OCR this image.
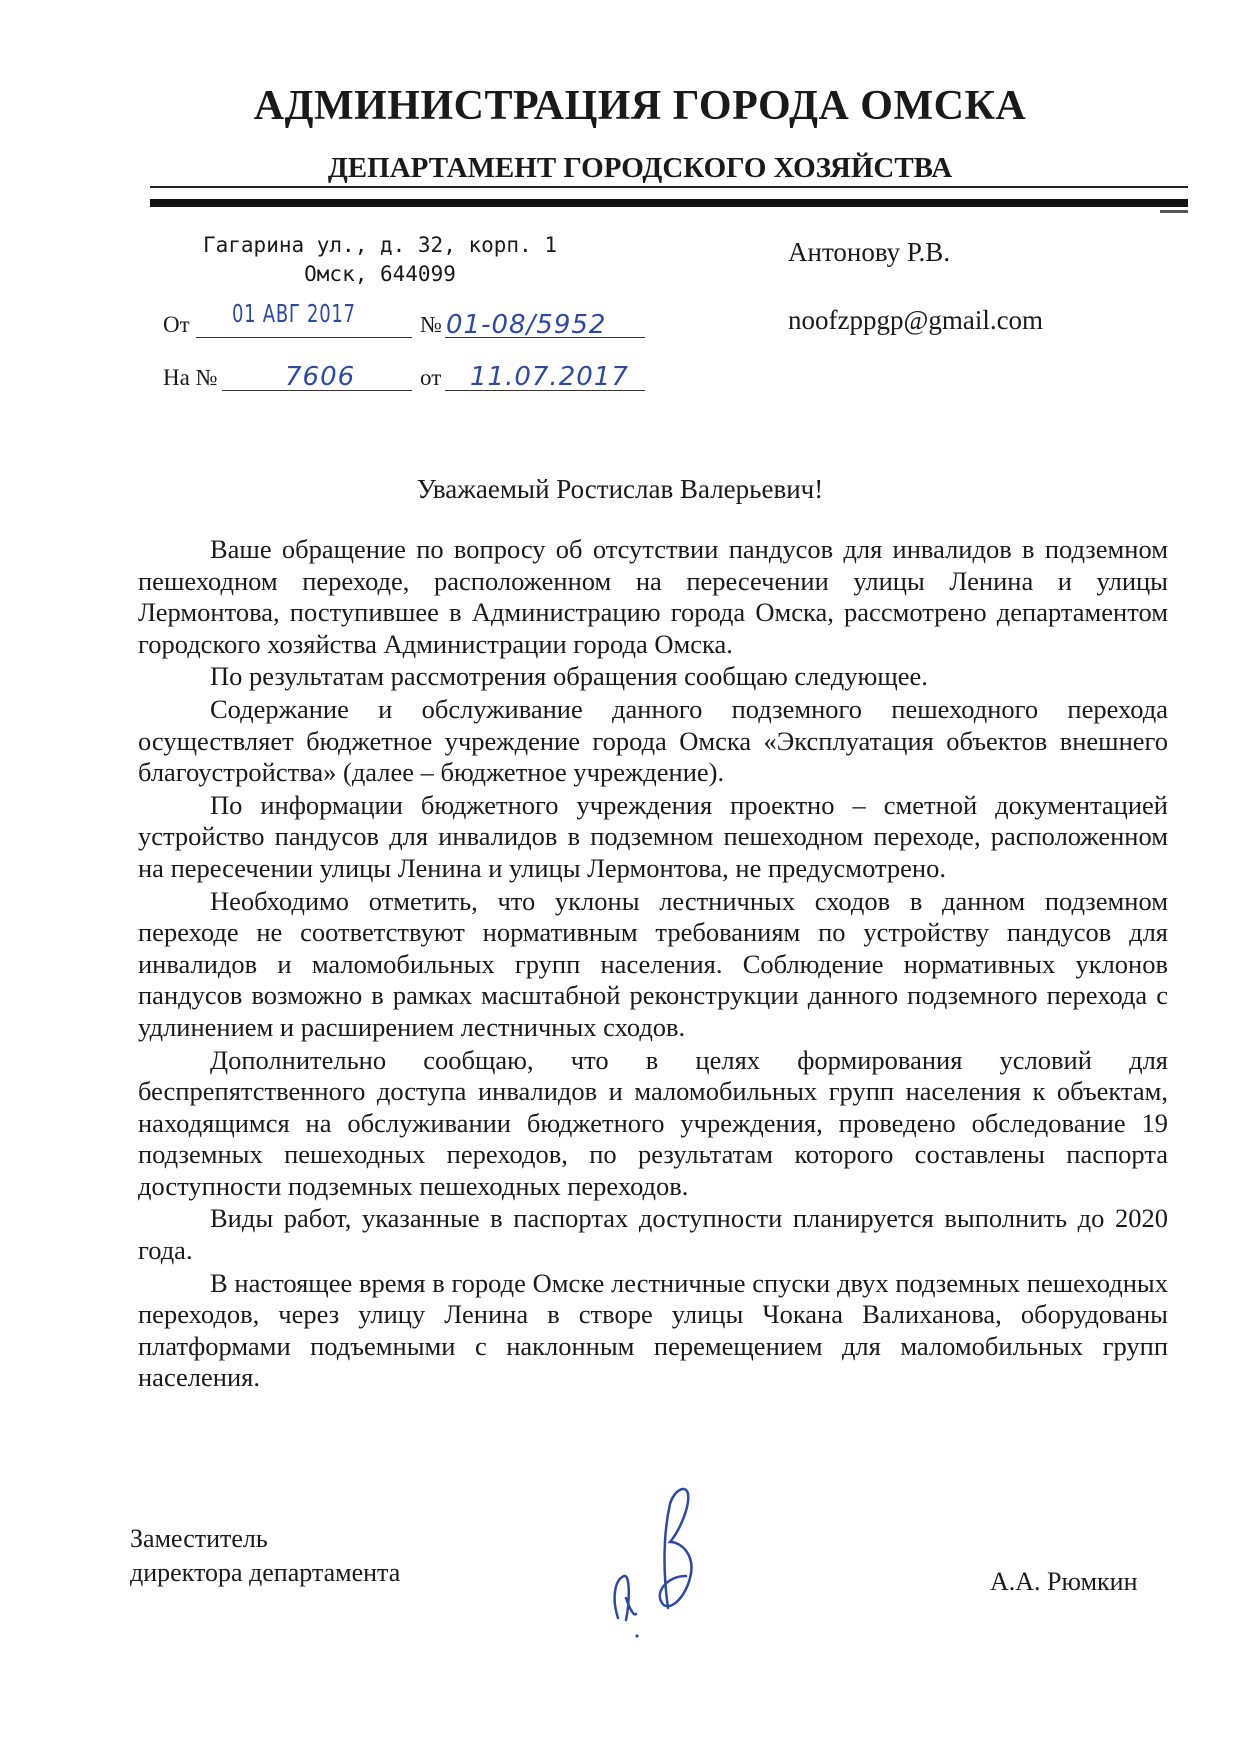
АДМИНИСТРАЦИЯ ГОРОДА ОМСКА
ДЕПАРТАМЕНТ ГОРОДСКОГО ХОЗЯЙСТВА
Гагарина ул., д. 32, корп. 1
Омск, 644099
Антонову Р.В.
noofzppgp@gmail.com
От 01 АВГ 2017	№ 01-08/5952
На №	7606	от 11.07.2017
Уважаемый Ростислав Валерьевич!

Ваше обращение по вопросу об отсутствии пандусов для инвалидов в подземном пешеходном переходе, расположенном на пересечении улицы Ленина и улицы Лермонтова, поступившее в Администрацию города Омска, рассмотрено департаментом городского хозяйства Администрации города Омска.

По результатам рассмотрения обращения сообщаю следующее.

Содержание и обслуживание данного подземного пешеходного перехода осуществляет бюджетное учреждение города Омска «Эксплуатация объектов внешнего благоустройства» (далее – бюджетное учреждение).

По информации бюджетного учреждения проектно – сметной документацией устройство пандусов для инвалидов в подземном пешеходном переходе, расположенном на пересечении улицы Ленина и улицы Лермонтова, не предусмотрено.

Необходимо отметить, что уклоны лестничных сходов в данном подземном переходе не соответствуют нормативным требованиям по устройству пандусов для инвалидов и маломобильных групп населения. Соблюдение нормативных уклонов пандусов возможно в рамках масштабной реконструкции данного подземного перехода с удлинением и расширением лестничных сходов.

Дополнительно сообщаю, что в целях формирования условий для беспрепятственного доступа инвалидов и маломобильных групп населения к объектам, находящимся на обслуживании бюджетного учреждения, проведено обследование 19 подземных пешеходных переходов, по результатам которого составлены паспорта доступности подземных пешеходных переходов.

Виды работ, указанные в паспортах доступности планируется выполнить до 2020 года.

В настоящее время в городе Омске лестничные спуски двух подземных пешеходных переходов, через улицу Ленина в створе улицы Чокана Валиханова, оборудованы платформами подъемными с наклонным перемещением для маломобильных групп населения.

Заместитель
директора департамента	А.А. Рюмкин
